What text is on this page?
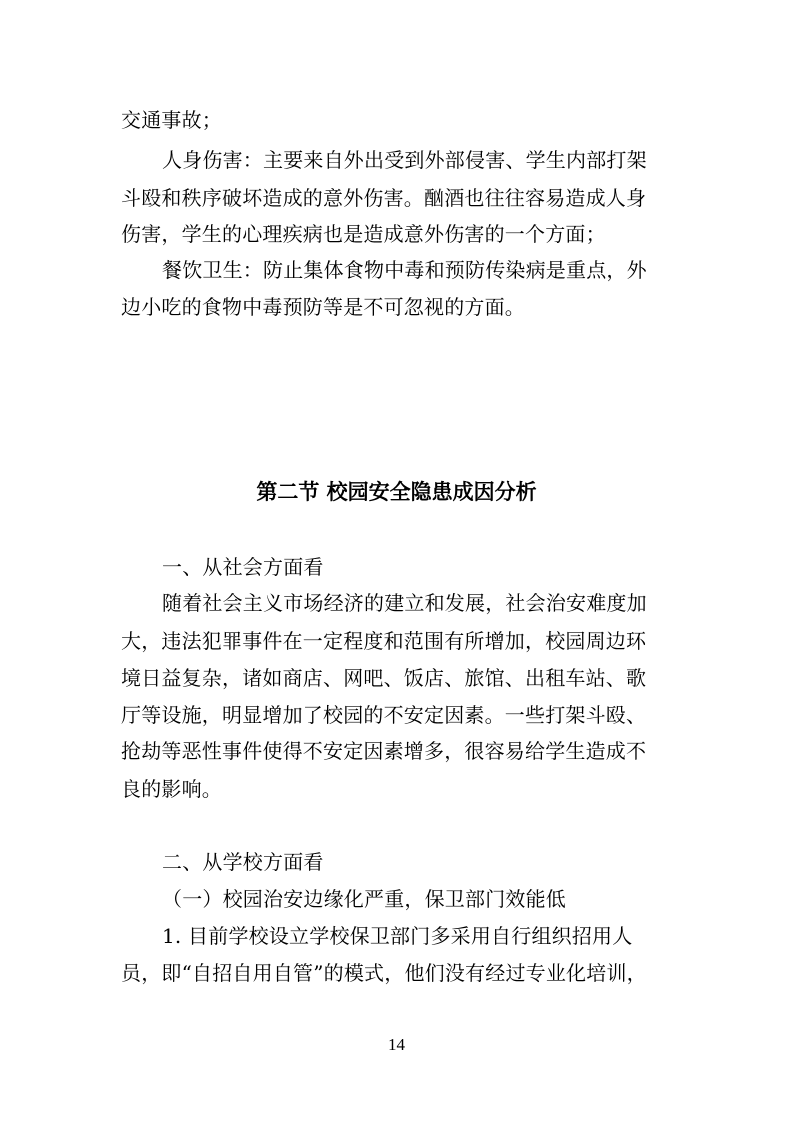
交通事故；
人身伤害：主要来自外出受到外部侵害、学生内部打架
斗殴和秩序破坏造成的意外伤害。酗酒也往往容易造成人身
伤害，学生的心理疾病也是造成意外伤害的一个方面；
餐饮卫生：防止集体食物中毒和预防传染病是重点，外
边小吃的食物中毒预防等是不可忽视的方面。
第二节 校园安全隐患成因分析
一、从社会方面看
随着社会主义市场经济的建立和发展，社会治安难度加
大，违法犯罪事件在一定程度和范围有所增加，校园周边环
境日益复杂，诸如商店、网吧、饭店、旅馆、出租车站、歌
厅等设施，明显增加了校园的不安定因素。一些打架斗殴、
抢劫等恶性事件使得不安定因素增多，很容易给学生造成不
良的影响。
二、从学校方面看
（一）校园治安边缘化严重，保卫部门效能低
1. 目前学校设立学校保卫部门多采用自行组织招用人
员，即“自招自用自管”的模式，他们没有经过专业化培训，
14
